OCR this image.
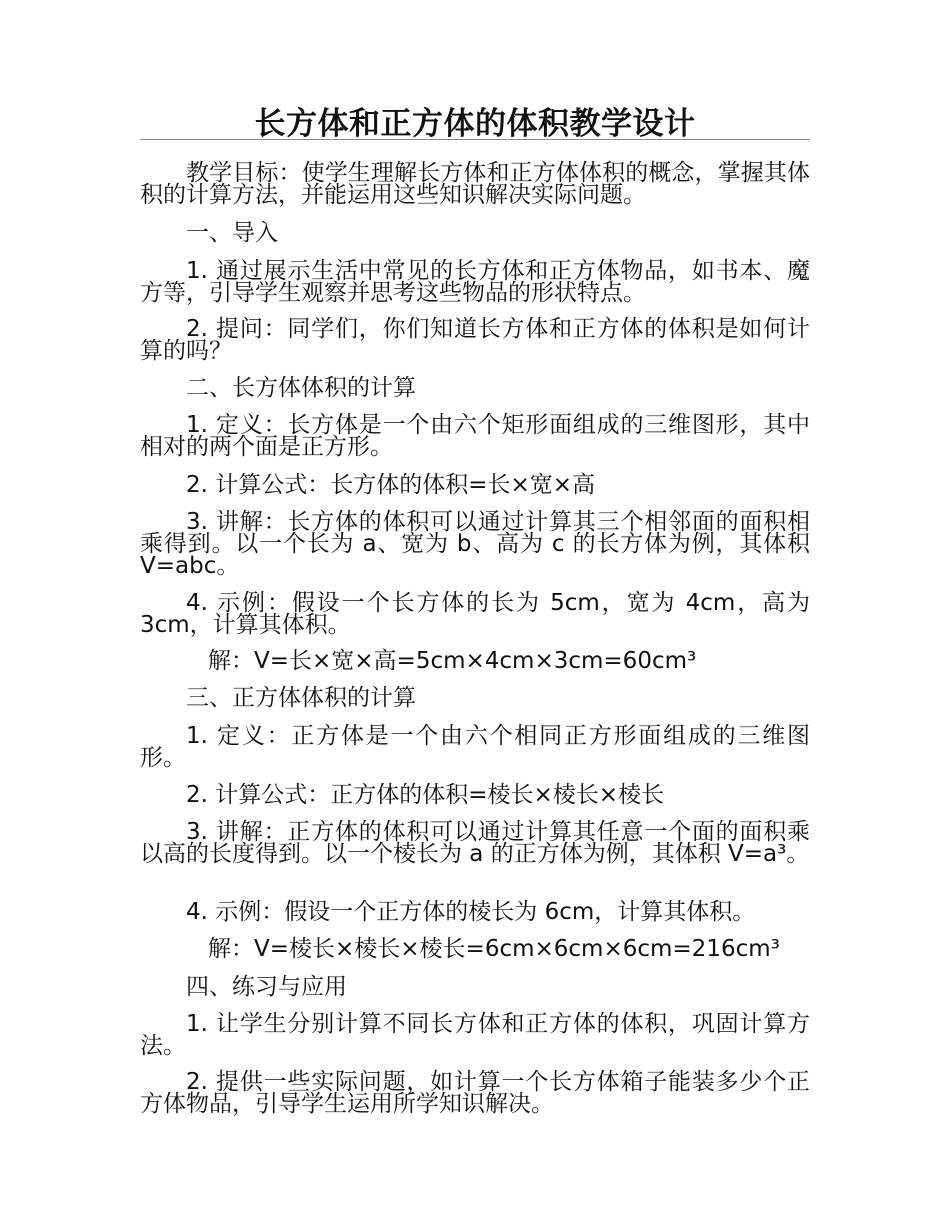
长方体和正方体的体积教学设计

教学目标：使学生理解长方体和正方体体积的概念，掌握其体积的计算方法，并能运用这些知识解决实际问题。

一、导入

1. 通过展示生活中常见的长方体和正方体物品，如书本、魔方等，引导学生观察并思考这些物品的形状特点。

2. 提问：同学们，你们知道长方体和正方体的体积是如何计算的吗？

二、长方体体积的计算

1. 定义：长方体是一个由六个矩形面组成的三维图形，其中相对的两个面是正方形。

2. 计算公式：长方体的体积=长×宽×高

3. 讲解：长方体的体积可以通过计算其三个相邻面的面积相乘得到。以一个长为 a、宽为 b、高为 c 的长方体为例，其体积 V=abc。

4. 示例：假设一个长方体的长为 5cm，宽为 4cm，高为 3cm，计算其体积。

解：V=长×宽×高=5cm×4cm×3cm=60cm³

三、正方体体积的计算

1. 定义：正方体是一个由六个相同正方形面组成的三维图形。

2. 计算公式：正方体的体积=棱长×棱长×棱长

3. 讲解：正方体的体积可以通过计算其任意一个面的面积乘以高的长度得到。以一个棱长为 a 的正方体为例，其体积 V=a³。

4. 示例：假设一个正方体的棱长为 6cm，计算其体积。

解：V=棱长×棱长×棱长=6cm×6cm×6cm=216cm³

四、练习与应用

1. 让学生分别计算不同长方体和正方体的体积，巩固计算方法。

2. 提供一些实际问题，如计算一个长方体箱子能装多少个正方体物品，引导学生运用所学知识解决。
